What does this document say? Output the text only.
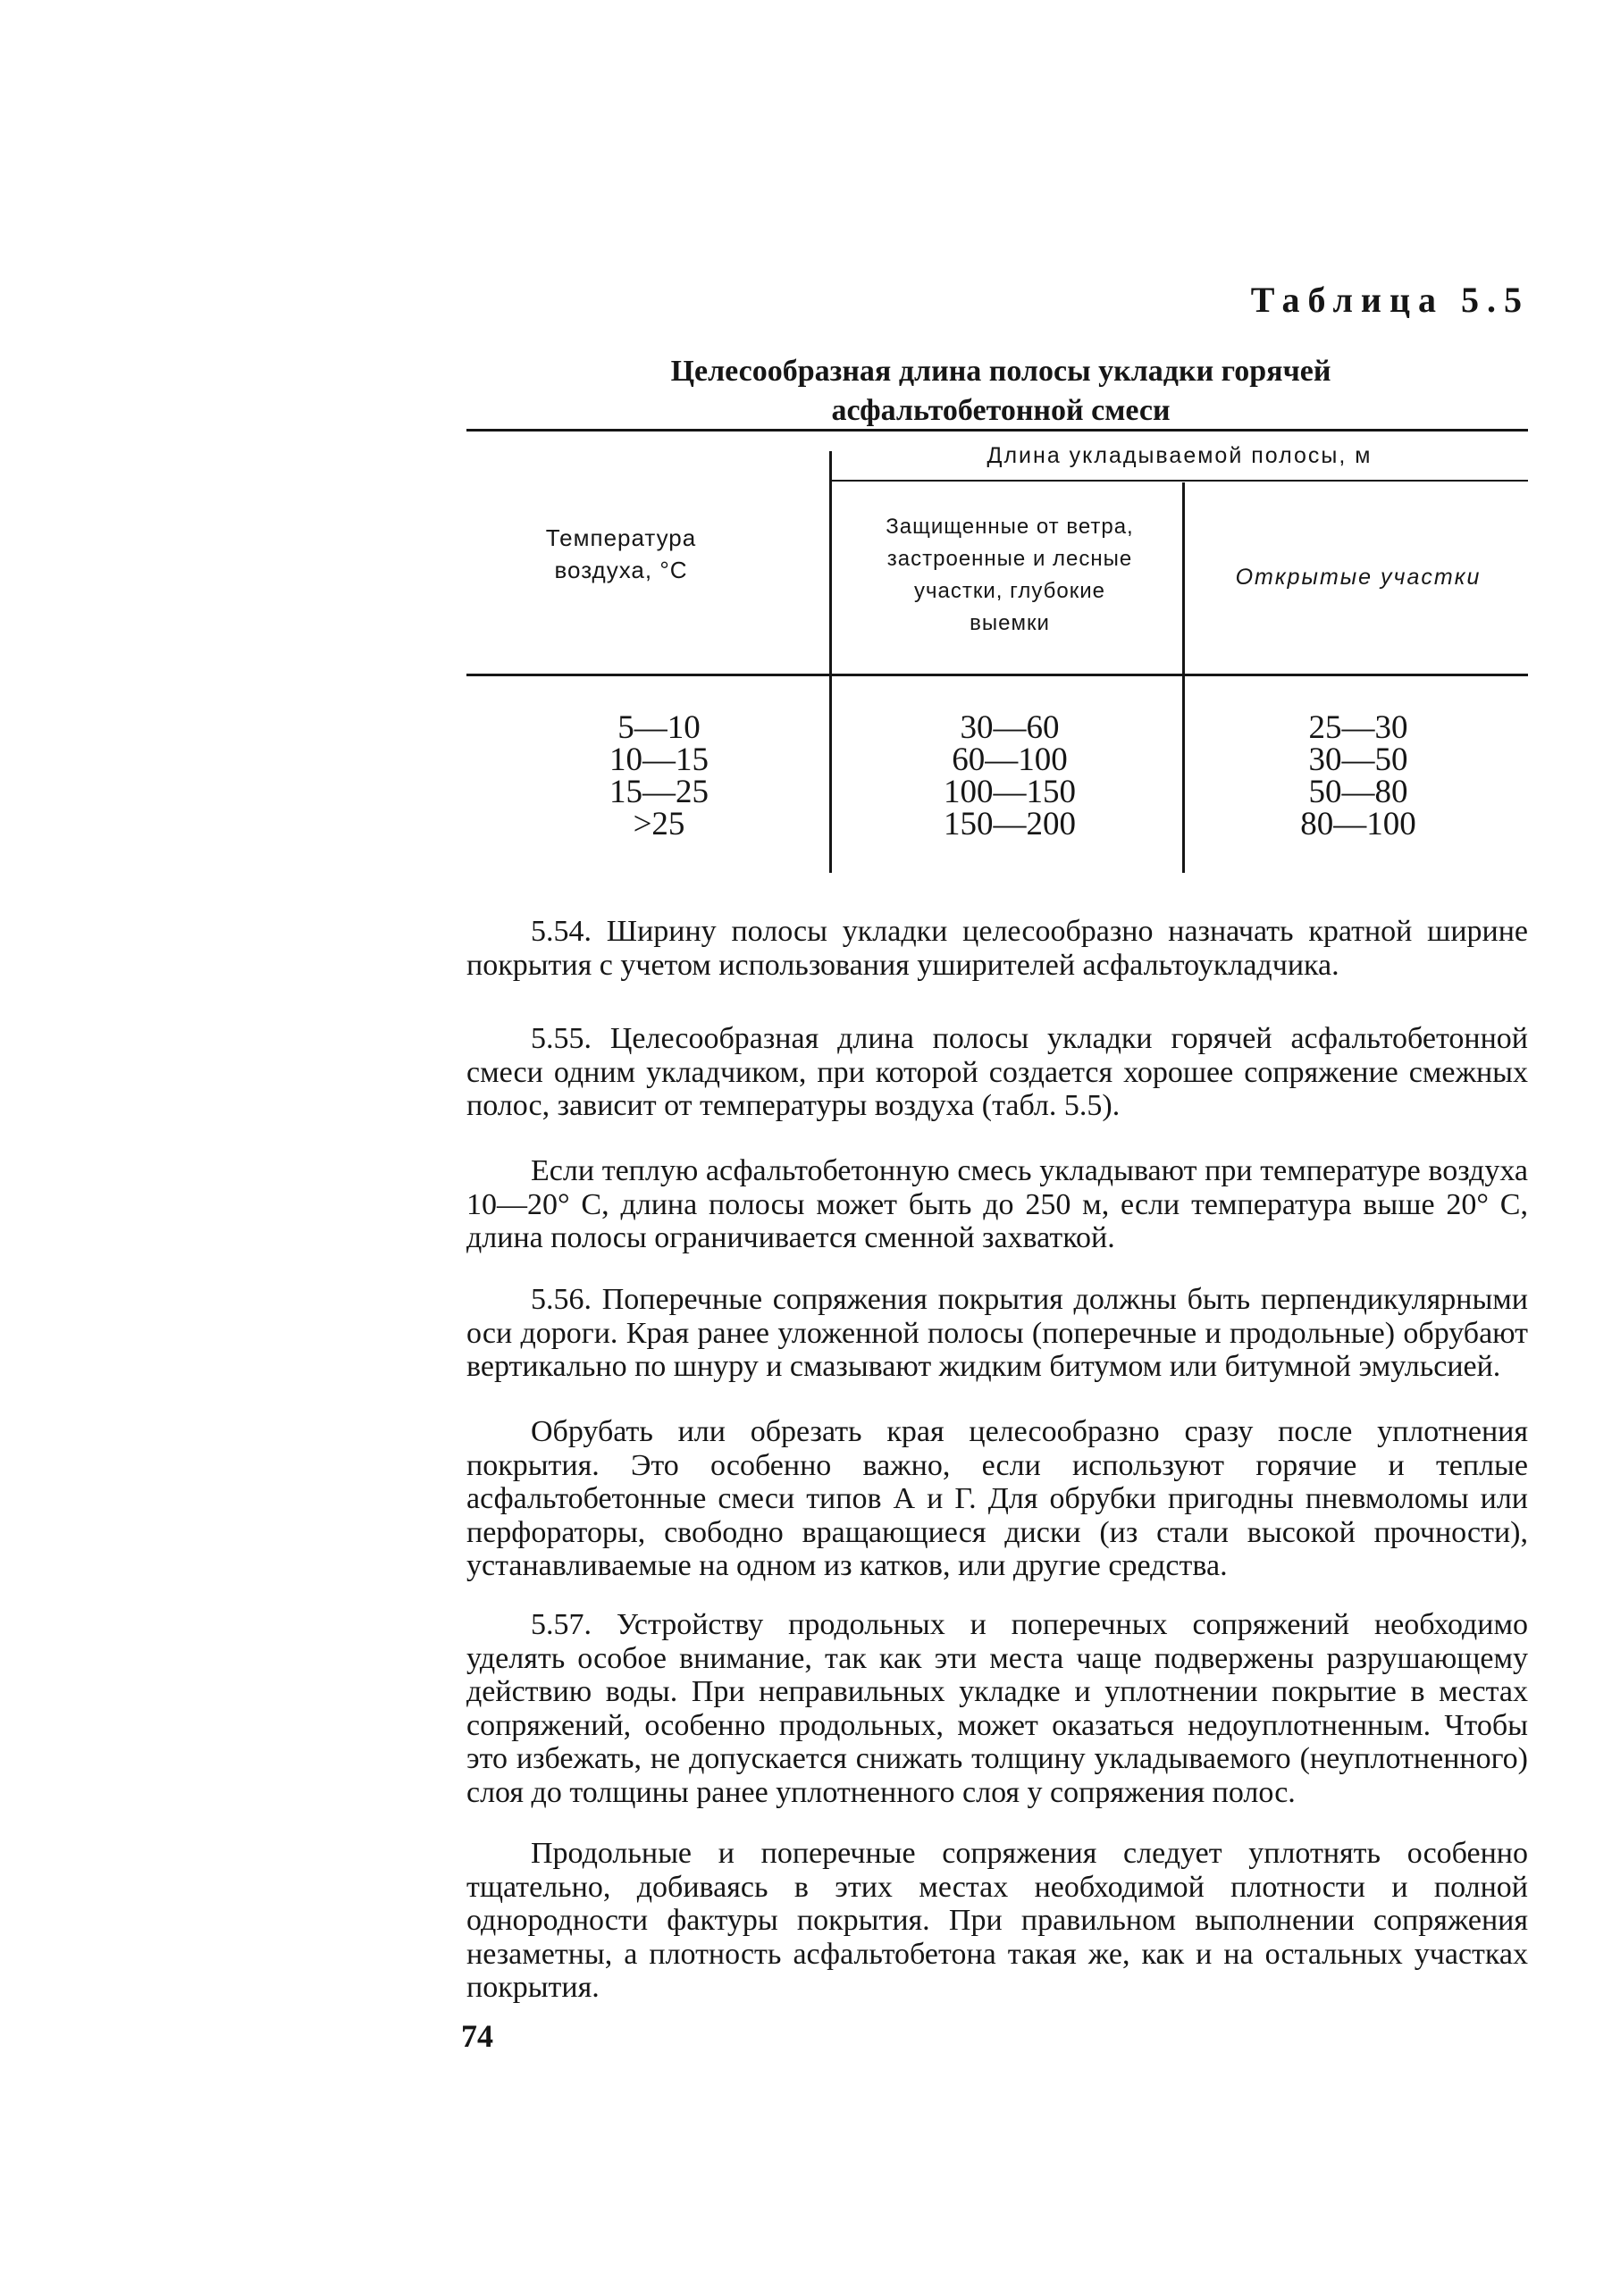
Таблица 5.5
Целесообразная длина полосы укладки горячей
асфальтобетонной смеси
Длина укладываемой полосы, м
Температура
воздуха, °С
Защищенные от ветра,
застроенные и лесные
участки, глубокие
выемки
Открытые участки
5—10
10—15
15—25
>25
30—60
60—100
100—150
150—200
25—30
30—50
50—80
80—100

5.54. Ширину полосы укладки целесообразно назначать кратной ширине покрытия с учетом использования уширителей асфальтоукладчика.

5.55. Целесообразная длина полосы укладки горячей асфальтобетонной смеси одним укладчиком, при которой создается хорошее сопряжение смежных полос, зависит от температуры воздуха (табл. 5.5).

Если теплую асфальтобетонную смесь укладывают при температуре воздуха 10—20° С, длина полосы может быть до 250 м, если температура выше 20° С, длина полосы ограничивается сменной захваткой.

5.56. Поперечные сопряжения покрытия должны быть перпендикулярными оси дороги. Края ранее уложенной полосы (поперечные и продольные) обрубают вертикально по шнуру и смазывают жидким битумом или битумной эмульсией.

Обрубать или обрезать края целесообразно сразу после уплотнения покрытия. Это особенно важно, если используют горячие и теплые асфальтобетонные смеси типов А и Г. Для обрубки пригодны пневмоломы или перфораторы, свободно вращающиеся диски (из стали высокой прочности), устанавливаемые на одном из катков, или другие средства.

5.57. Устройству продольных и поперечных сопряжений необходимо уделять особое внимание, так как эти места чаще подвержены разрушающему действию воды. При неправильных укладке и уплотнении покрытие в местах сопряжений, особенно продольных, может оказаться недоуплотненным. Чтобы это избежать, не допускается снижать толщину укладываемого (неуплотненного) слоя до толщины ранее уплотненного слоя у сопряжения полос.

Продольные и поперечные сопряжения следует уплотнять особенно тщательно, добиваясь в этих местах необходимой плотности и полной однородности фактуры покрытия. При правильном выполнении сопряжения незаметны, а плотность асфальтобетона такая же, как и на остальных участках покрытия.

74
